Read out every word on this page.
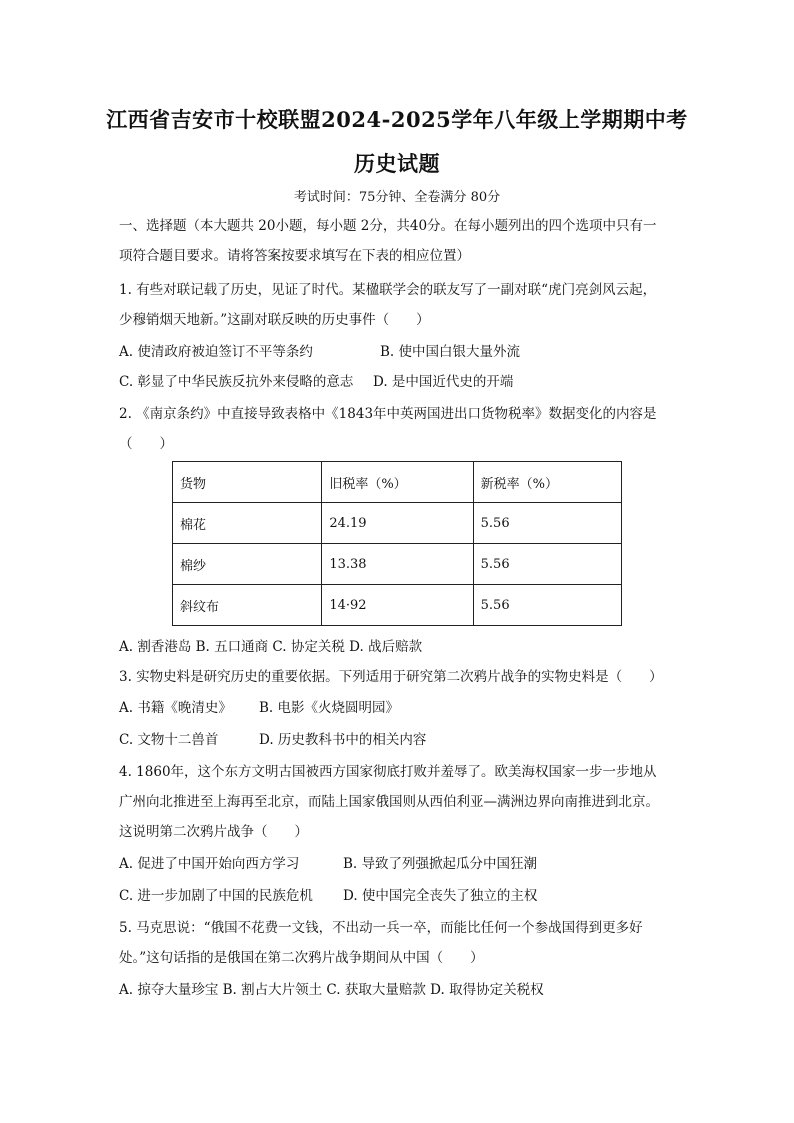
江西省吉安市十校联盟2024-2025学年八年级上学期期中考
历史试题
考试时间：75分钟、全卷满分 80分
一、选择题（本大题共 20小题，每小题 2分，共40分。在每小题列出的四个选项中只有一
项符合题目要求。请将答案按要求填写在下表的相应位置）
1. 有些对联记载了历史，见证了时代。某楹联学会的联友写了一副对联“虎门亮剑风云起，
少穆销烟天地新。”这副对联反映的历史事件（　　）
A. 使清政府被迫签订不平等条约	B. 使中国白银大量外流
C. 彰显了中华民族反抗外来侵略的意志 D. 是中国近代史的开端
2. 《南京条约》中直接导致表格中《1843年中英两国进出口货物税率》数据变化的内容是
（　　）
货物	旧税率（%）	新税率（%）
棉花	24.19	5.56
棉纱	13.38	5.56
斜纹布	14·92	5.56
A. 割香港岛 B. 五口通商 C. 协定关税 D. 战后赔款
3. 实物史料是研究历史的重要依据。下列适用于研究第二次鸦片战争的实物史料是（　　）
A. 书籍《晚清史》 B. 电影《火烧圆明园》
C. 文物十二兽首	D. 历史教科书中的相关内容
4. 1860年，这个东方文明古国被西方国家彻底打败并羞辱了。欧美海权国家一步一步地从
广州向北推进至上海再至北京，而陆上国家俄国则从西伯利亚—满洲边界向南推进到北京。
这说明第二次鸦片战争（　　）
A. 促进了中国开始向西方学习	B. 导致了列强掀起瓜分中国狂潮
C. 进一步加剧了中国的民族危机 D. 使中国完全丧失了独立的主权
5. 马克思说：“俄国不花费一文钱，不出动一兵一卒，而能比任何一个参战国得到更多好
处。”这句话指的是俄国在第二次鸦片战争期间从中国（　　）
A. 掠夺大量珍宝 B. 割占大片领土 C. 获取大量赔款 D. 取得协定关税权
